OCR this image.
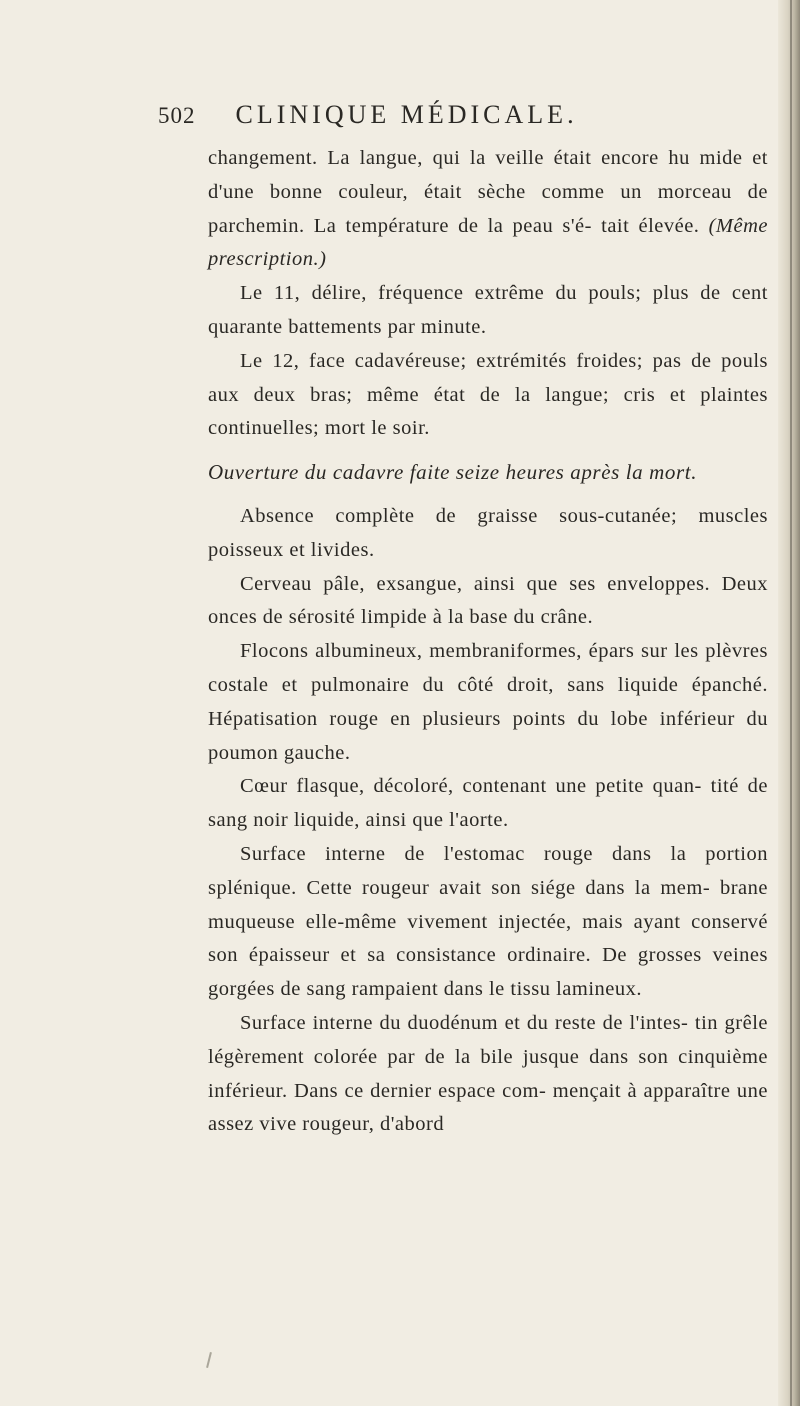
502 CLINIQUE MÉDICALE.

changement. La langue, qui la veille était encore hu mide et d'une bonne couleur, était sèche comme un morceau de parchemin. La température de la peau s'é- tait élevée. (Même prescription.)

Le 11, délire, fréquence extrême du pouls; plus de cent quarante battements par minute.

Le 12, face cadavéreuse; extrémités froides; pas de pouls aux deux bras; même état de la langue; cris et plaintes continuelles; mort le soir.

Ouverture du cadavre faite seize heures après la mort.

Absence complète de graisse sous-cutanée; muscles poisseux et livides.

Cerveau pâle, exsangue, ainsi que ses enveloppes. Deux onces de sérosité limpide à la base du crâne.

Flocons albumineux, membraniformes, épars sur les plèvres costale et pulmonaire du côté droit, sans liquide épanché. Hépatisation rouge en plusieurs points du lobe inférieur du poumon gauche.

Cœur flasque, décoloré, contenant une petite quan- tité de sang noir liquide, ainsi que l'aorte.

Surface interne de l'estomac rouge dans la portion splénique. Cette rougeur avait son siége dans la mem- brane muqueuse elle-même vivement injectée, mais ayant conservé son épaisseur et sa consistance ordinaire. De grosses veines gorgées de sang rampaient dans le tissu lamineux.

Surface interne du duodénum et du reste de l'intes- tin grêle légèrement colorée par de la bile jusque dans son cinquième inférieur. Dans ce dernier espace com- mençait à apparaître une assez vive rougeur, d'abord
